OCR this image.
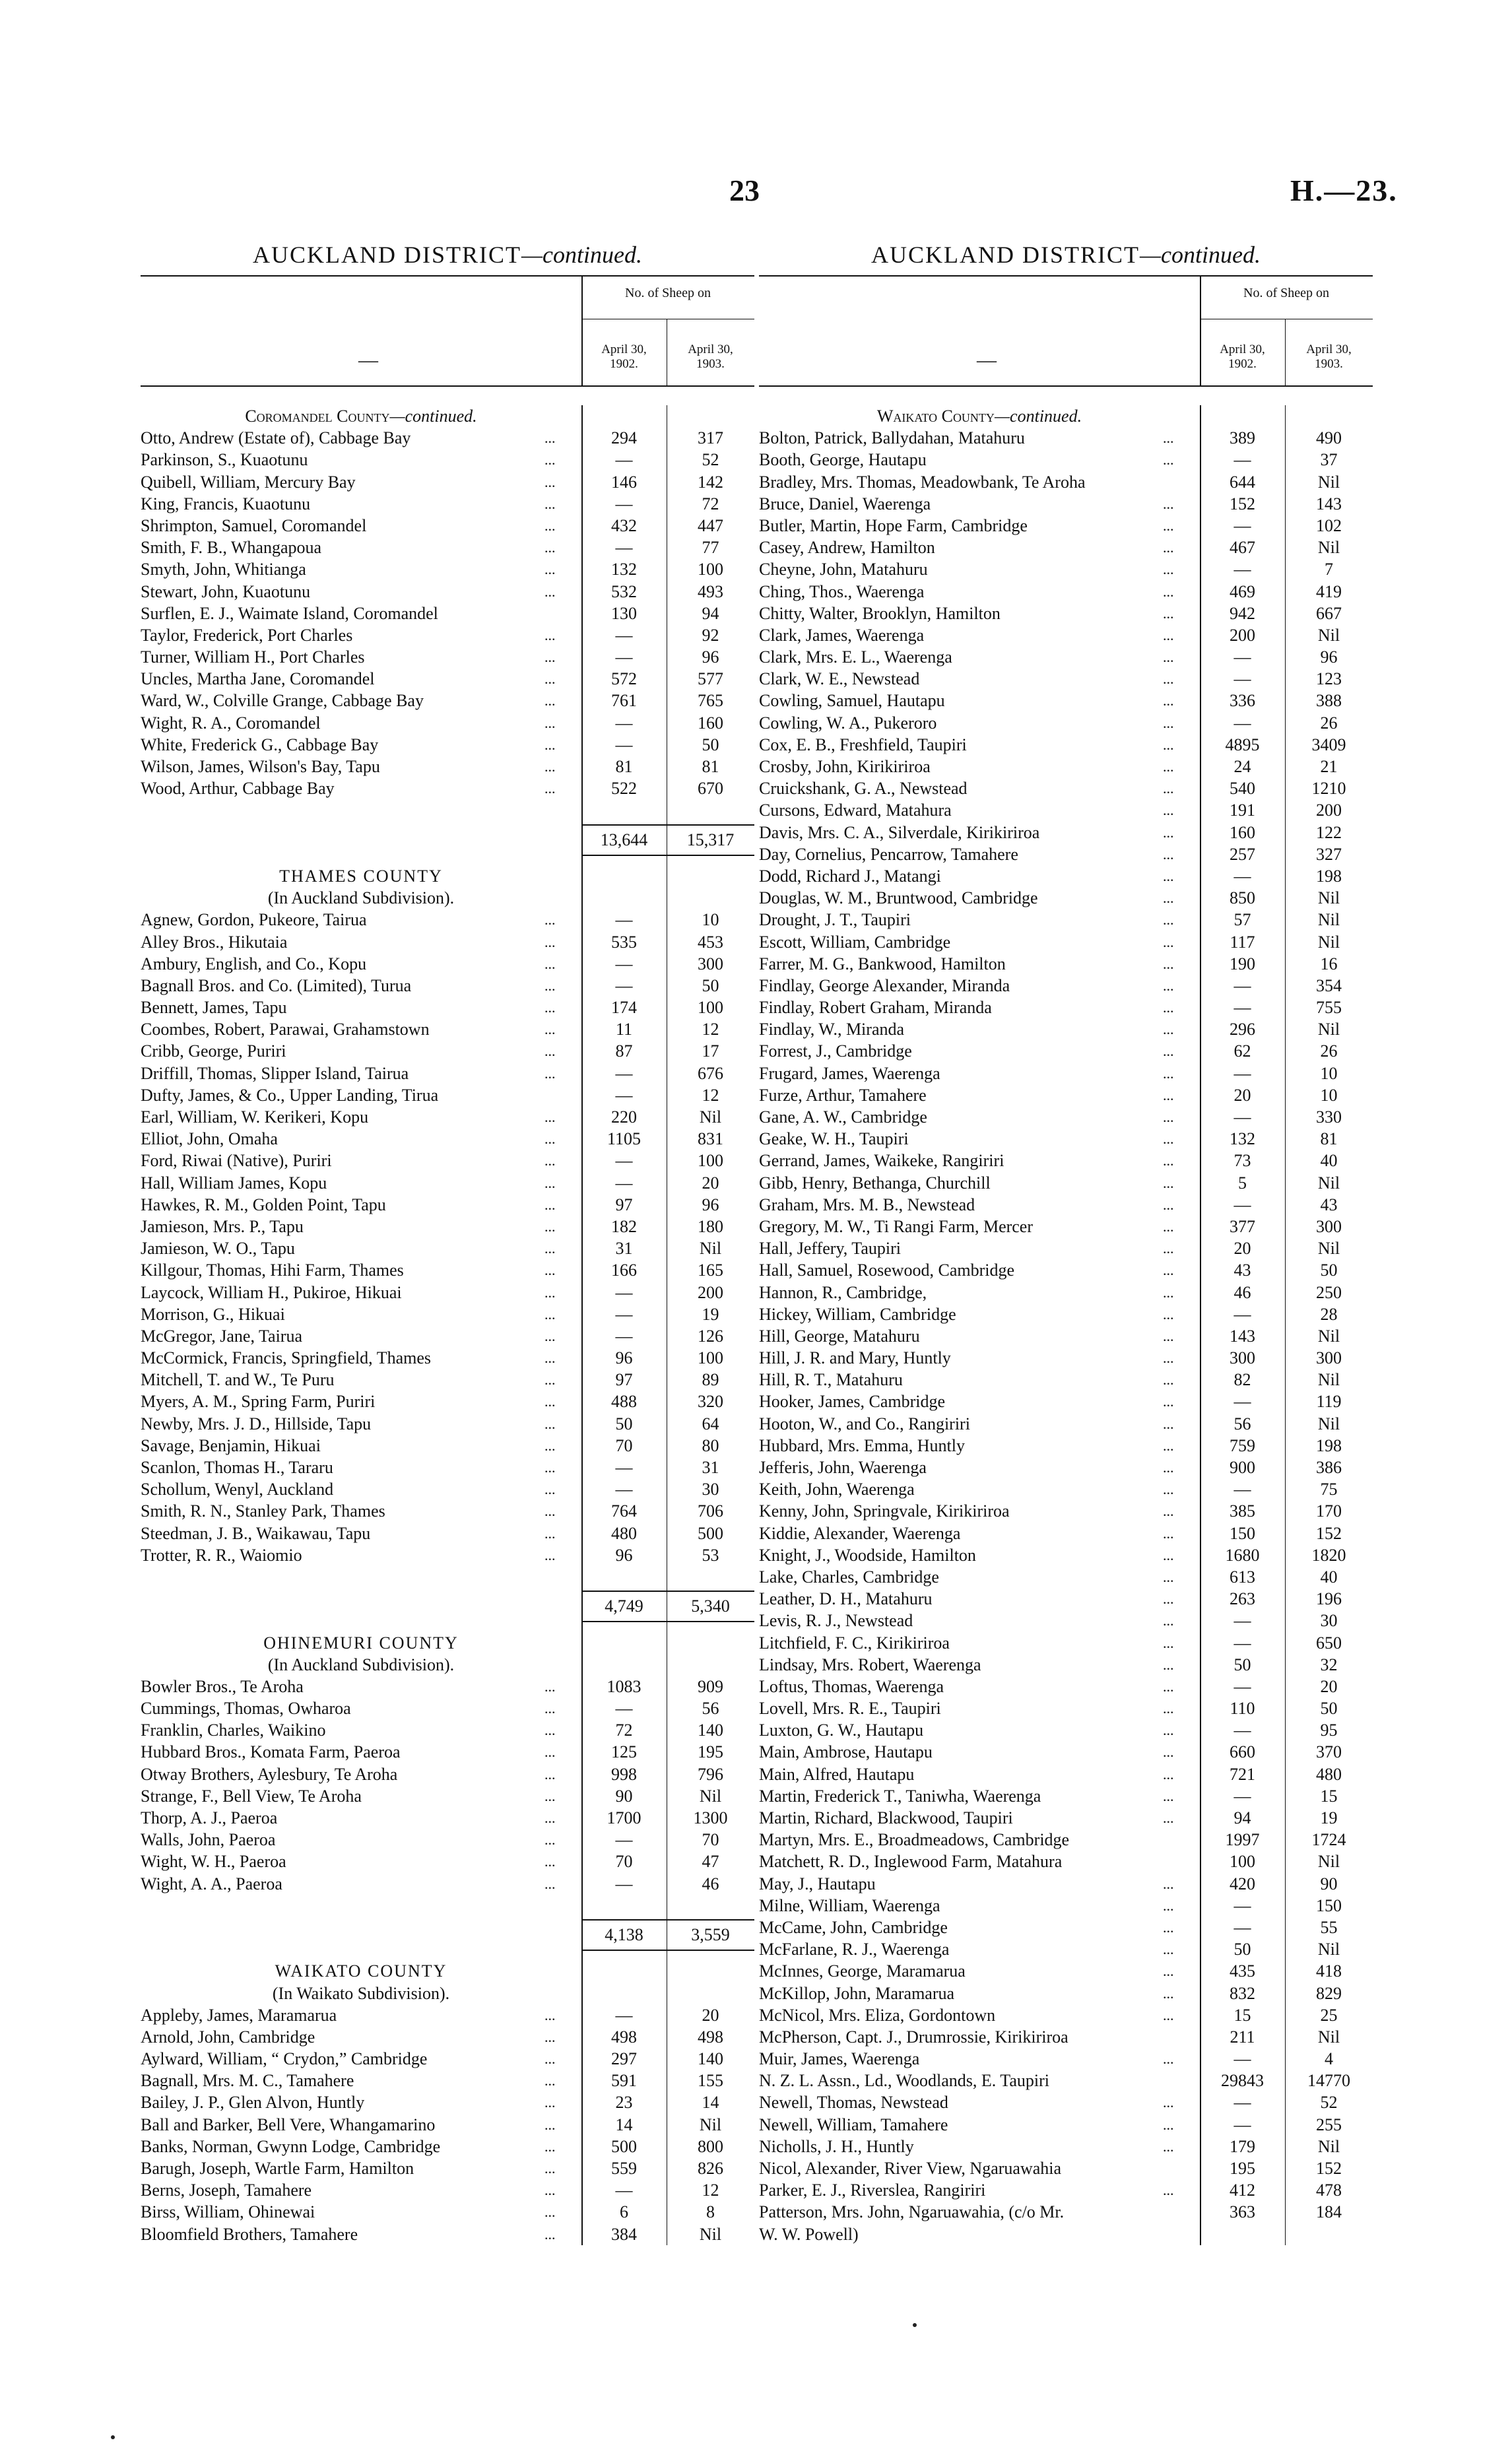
23	H.—23.
AUCKLAND DISTRICT—continued.
—
No. of Sheep on
April 30,
1902.
April 30,
1903.
Coromandel County—continued.
Otto, Andrew (Estate of), Cabbage Bay	...	294	317
Parkinson, S., Kuaotunu	...	—	52
Quibell, William, Mercury Bay	...	146	142
King, Francis, Kuaotunu	...	—	72
Shrimpton, Samuel, Coromandel	...	432	447
Smith, F. B., Whangapoua	...	—	77
Smyth, John, Whitianga	...	132	100
Stewart, John, Kuaotunu	...	532	493
Surflen, E. J., Waimate Island, Coromandel	130	94
Taylor, Frederick, Port Charles	...	—	92
Turner, William H., Port Charles	...	—	96
Uncles, Martha Jane, Coromandel	...	572	577
Ward, W., Colville Grange, Cabbage Bay	...	761	765
Wight, R. A., Coromandel	...	—	160
White, Frederick G., Cabbage Bay	...	—	50
Wilson, James, Wilson's Bay, Tapu	...	81	81
Wood, Arthur, Cabbage Bay	...	522	670
13,644	15,317
THAMES COUNTY
(In Auckland Subdivision).
Agnew, Gordon, Pukeore, Tairua	...	—	10
Alley Bros., Hikutaia	...	535	453
Ambury, English, and Co., Kopu	...	—	300
Bagnall Bros. and Co. (Limited), Turua	...	—	50
Bennett, James, Tapu	...	174	100
Coombes, Robert, Parawai, Grahamstown	...	11	12
Cribb, George, Puriri	...	87	17
Driffill, Thomas, Slipper Island, Tairua	...	—	676
Dufty, James, & Co., Upper Landing, Tirua	—	12
Earl, William, W. Kerikeri, Kopu	...	220	Nil
Elliot, John, Omaha	...	1105	831
Ford, Riwai (Native), Puriri	...	—	100
Hall, William James, Kopu	...	—	20
Hawkes, R. M., Golden Point, Tapu	...	97	96
Jamieson, Mrs. P., Tapu	...	182	180
Jamieson, W. O., Tapu	...	31	Nil
Killgour, Thomas, Hihi Farm, Thames	...	166	165
Laycock, William H., Pukiroe, Hikuai	...	—	200
Morrison, G., Hikuai	...	—	19
McGregor, Jane, Tairua	...	—	126
McCormick, Francis, Springfield, Thames	...	96	100
Mitchell, T. and W., Te Puru	...	97	89
Myers, A. M., Spring Farm, Puriri	...	488	320
Newby, Mrs. J. D., Hillside, Tapu	...	50	64
Savage, Benjamin, Hikuai	...	70	80
Scanlon, Thomas H., Tararu	...	—	31
Schollum, Wenyl, Auckland	...	—	30
Smith, R. N., Stanley Park, Thames	...	764	706
Steedman, J. B., Waikawau, Tapu	...	480	500
Trotter, R. R., Waiomio	...	96	53
4,749	5,340
OHINEMURI COUNTY
(In Auckland Subdivision).
Bowler Bros., Te Aroha	...	1083	909
Cummings, Thomas, Owharoa	...	—	56
Franklin, Charles, Waikino	...	72	140
Hubbard Bros., Komata Farm, Paeroa	...	125	195
Otway Brothers, Aylesbury, Te Aroha	...	998	796
Strange, F., Bell View, Te Aroha	...	90	Nil
Thorp, A. J., Paeroa	...	1700	1300
Walls, John, Paeroa	...	—	70
Wight, W. H., Paeroa	...	70	47
Wight, A. A., Paeroa	...	—	46
4,138	3,559
WAIKATO COUNTY
(In Waikato Subdivision).
Appleby, James, Maramarua	...	—	20
Arnold, John, Cambridge	...	498	498
Aylward, William, “ Crydon,” Cambridge	...	297	140
Bagnall, Mrs. M. C., Tamahere	...	591	155
Bailey, J. P., Glen Alvon, Huntly	...	23	14
Ball and Barker, Bell Vere, Whangamarino	...	14	Nil
Banks, Norman, Gwynn Lodge, Cambridge	...	500	800
Barugh, Joseph, Wartle Farm, Hamilton	...	559	826
Berns, Joseph, Tamahere	...	—	12
Birss, William, Ohinewai	...	6	8
Bloomfield Brothers, Tamahere	...	384	Nil
AUCKLAND DISTRICT—continued.
—
No. of Sheep on
April 30,
1902.
April 30,
1903.
Waikato County—continued.
Bolton, Patrick, Ballydahan, Matahuru	...	389	490
Booth, George, Hautapu	...	—	37
Bradley, Mrs. Thomas, Meadowbank, Te Aroha	644	Nil
Bruce, Daniel, Waerenga	...	152	143
Butler, Martin, Hope Farm, Cambridge	...	—	102
Casey, Andrew, Hamilton	...	467	Nil
Cheyne, John, Matahuru	...	—	7
Ching, Thos., Waerenga	...	469	419
Chitty, Walter, Brooklyn, Hamilton	...	942	667
Clark, James, Waerenga	...	200	Nil
Clark, Mrs. E. L., Waerenga	...	—	96
Clark, W. E., Newstead	...	—	123
Cowling, Samuel, Hautapu	...	336	388
Cowling, W. A., Pukeroro	...	—	26
Cox, E. B., Freshfield, Taupiri	...	4895	3409
Crosby, John, Kirikiriroa	...	24	21
Cruickshank, G. A., Newstead	...	540	1210
Cursons, Edward, Matahura	...	191	200
Davis, Mrs. C. A., Silverdale, Kirikiriroa	...	160	122
Day, Cornelius, Pencarrow, Tamahere	...	257	327
Dodd, Richard J., Matangi	...	—	198
Douglas, W. M., Bruntwood, Cambridge	...	850	Nil
Drought, J. T., Taupiri	...	57	Nil
Escott, William, Cambridge	...	117	Nil
Farrer, M. G., Bankwood, Hamilton	...	190	16
Findlay, George Alexander, Miranda	...	—	354
Findlay, Robert Graham, Miranda	...	—	755
Findlay, W., Miranda	...	296	Nil
Forrest, J., Cambridge	...	62	26
Frugard, James, Waerenga	...	—	10
Furze, Arthur, Tamahere	...	20	10
Gane, A. W., Cambridge	...	—	330
Geake, W. H., Taupiri	...	132	81
Gerrand, James, Waikeke, Rangiriri	...	73	40
Gibb, Henry, Bethanga, Churchill	...	5	Nil
Graham, Mrs. M. B., Newstead	...	—	43
Gregory, M. W., Ti Rangi Farm, Mercer	...	377	300
Hall, Jeffery, Taupiri	...	20	Nil
Hall, Samuel, Rosewood, Cambridge	...	43	50
Hannon, R., Cambridge,	...	46	250
Hickey, William, Cambridge	...	—	28
Hill, George, Matahuru	...	143	Nil
Hill, J. R. and Mary, Huntly	...	300	300
Hill, R. T., Matahuru	...	82	Nil
Hooker, James, Cambridge	...	—	119
Hooton, W., and Co., Rangiriri	...	56	Nil
Hubbard, Mrs. Emma, Huntly	...	759	198
Jefferis, John, Waerenga	...	900	386
Keith, John, Waerenga	...	—	75
Kenny, John, Springvale, Kirikiriroa	...	385	170
Kiddie, Alexander, Waerenga	...	150	152
Knight, J., Woodside, Hamilton	...	1680	1820
Lake, Charles, Cambridge	...	613	40
Leather, D. H., Matahuru	...	263	196
Levis, R. J., Newstead	...	—	30
Litchfield, F. C., Kirikiriroa	...	—	650
Lindsay, Mrs. Robert, Waerenga	...	50	32
Loftus, Thomas, Waerenga	...	—	20
Lovell, Mrs. R. E., Taupiri	...	110	50
Luxton, G. W., Hautapu	...	—	95
Main, Ambrose, Hautapu	...	660	370
Main, Alfred, Hautapu	...	721	480
Martin, Frederick T., Taniwha, Waerenga	...	—	15
Martin, Richard, Blackwood, Taupiri	...	94	19
Martyn, Mrs. E., Broadmeadows, Cambridge	1997	1724
Matchett, R. D., Inglewood Farm, Matahura	100	Nil
May, J., Hautapu	...	420	90
Milne, William, Waerenga	...	—	150
McCame, John, Cambridge	...	—	55
McFarlane, R. J., Waerenga	...	50	Nil
McInnes, George, Maramarua	...	435	418
McKillop, John, Maramarua	...	832	829
McNicol, Mrs. Eliza, Gordontown	...	15	25
McPherson, Capt. J., Drumrossie, Kirikiriroa	211	Nil
Muir, James, Waerenga	...	—	4
N. Z. L. Assn., Ld., Woodlands, E. Taupiri	29843	14770
Newell, Thomas, Newstead	...	—	52
Newell, William, Tamahere	...	—	255
Nicholls, J. H., Huntly	...	179	Nil
Nicol, Alexander, River View, Ngaruawahia	195	152
Parker, E. J., Riverslea, Rangiriri	...	412	478
Patterson, Mrs. John, Ngaruawahia, (c/o Mr.	363	184
W. W. Powell)
